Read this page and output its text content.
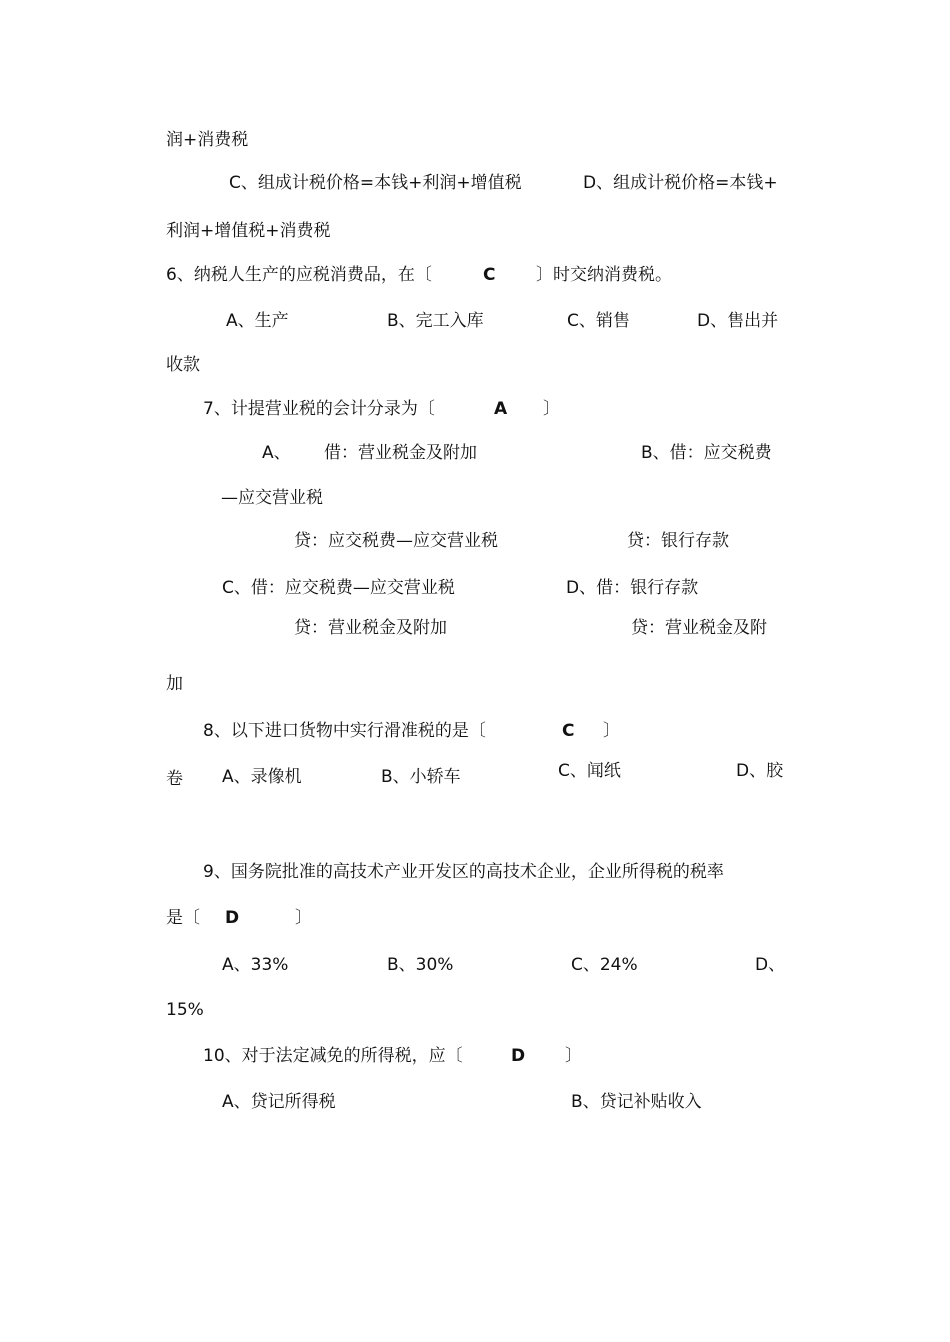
润+消费税
C、组成计税价格=本钱+利润+增值税	D、组成计税价格=本钱+
利润+增值税+消费税
6、纳税人生产的应税消费品，在〔	C 〕时交纳消费税。
A、生产	B、完工入库	C、销售	D、售出并
收款
7、计提营业税的会计分录为〔	A 〕
A、 借：营业税金及附加	B、借：应交税费
—应交营业税
贷：应交税费—应交营业税	贷：银行存款
C、借：应交税费—应交营业税	D、借：银行存款
贷：营业税金及附加	贷：营业税金及附
加
8、以下进口货物中实行滑准税的是〔	C 〕
卷 A、录像机	B、小轿车	C、闻纸	D、胶
9、国务院批准的高技术产业开发区的高技术企业，企业所得税的税率
是〔 D	〕
A、33%	B、30%	C、24%	D、
15%
10、对于法定减免的所得税，应〔	D 〕
A、贷记所得税	B、贷记补贴收入
